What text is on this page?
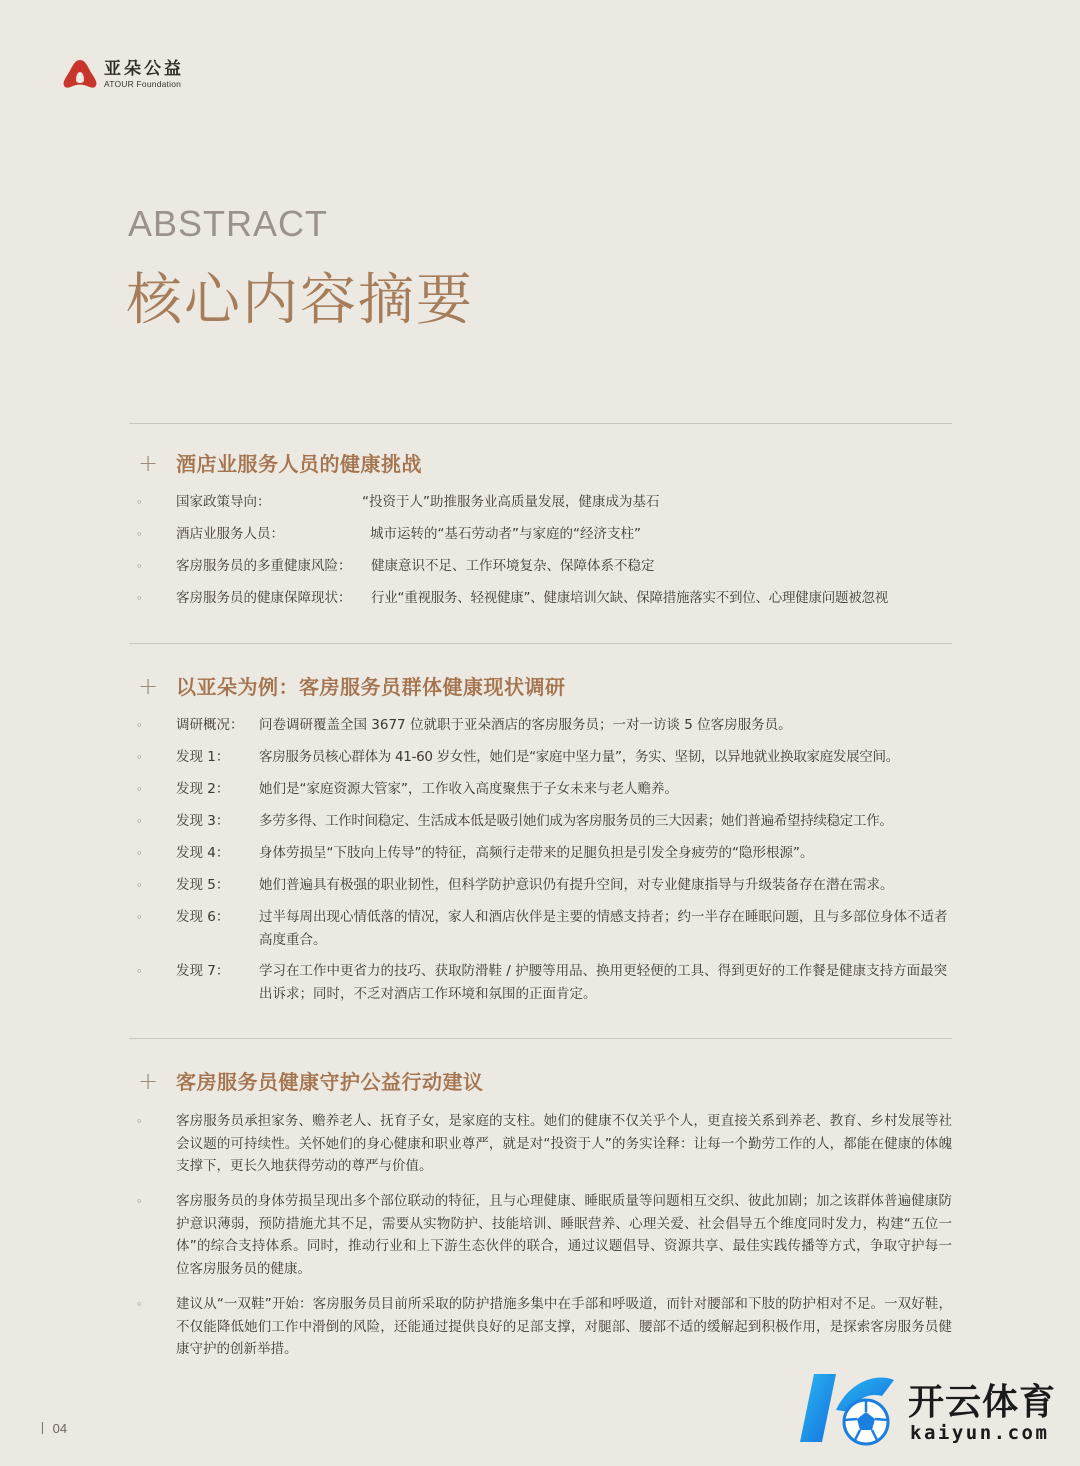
亚朵公益
ATOUR Foundation
ABSTRACT
核心内容摘要
+ 酒店业服务人员的健康挑战
◦ 国家政策导向：	“投资于人”助推服务业高质量发展，健康成为基石
◦ 酒店业服务人员：	城市运转的“基石劳动者”与家庭的“经济支柱”
◦ 客房服务员的多重健康风险： 健康意识不足、工作环境复杂、保障体系不稳定
◦ 客房服务员的健康保障现状： 行业“重视服务、轻视健康”、健康培训欠缺、保障措施落实不到位、心理健康问题被忽视
+ 以亚朵为例：客房服务员群体健康现状调研
◦ 调研概况： 问卷调研覆盖全国 3677 位就职于亚朵酒店的客房服务员；一对一访谈 5 位客房服务员。
◦ 发现 1： 客房服务员核心群体为 41-60 岁女性，她们是“家庭中坚力量”，务实、坚韧，以异地就业换取家庭发展空间。
◦ 发现 2： 她们是“家庭资源大管家”，工作收入高度聚焦于子女未来与老人赡养。
◦ 发现 3： 多劳多得、工作时间稳定、生活成本低是吸引她们成为客房服务员的三大因素；她们普遍希望持续稳定工作。
◦ 发现 4： 身体劳损呈“下肢向上传导”的特征，高频行走带来的足腿负担是引发全身疲劳的“隐形根源”。
◦ 发现 5： 她们普遍具有极强的职业韧性，但科学防护意识仍有提升空间，对专业健康指导与升级装备存在潜在需求。
◦ 发现 6： 过半每周出现心情低落的情况，家人和酒店伙伴是主要的情感支持者；约一半存在睡眠问题，且与多部位身体不适者高度重合。
◦ 发现 7： 学习在工作中更省力的技巧、获取防滑鞋 / 护腰等用品、换用更轻便的工具、得到更好的工作餐是健康支持方面最突出诉求；同时，不乏对酒店工作环境和氛围的正面肯定。
+ 客房服务员健康守护公益行动建议
◦ 客房服务员承担家务、赡养老人、抚育子女，是家庭的支柱。她们的健康不仅关乎个人，更直接关系到养老、教育、乡村发展等社会议题的可持续性。关怀她们的身心健康和职业尊严，就是对“投资于人”的务实诠释：让每一个勤劳工作的人，都能在健康的体魄支撑下，更长久地获得劳动的尊严与价值。
◦ 客房服务员的身体劳损呈现出多个部位联动的特征，且与心理健康、睡眠质量等问题相互交织、彼此加剧；加之该群体普遍健康防护意识薄弱，预防措施尤其不足，需要从实物防护、技能培训、睡眠营养、心理关爱、社会倡导五个维度同时发力，构建“五位一体”的综合支持体系。同时，推动行业和上下游生态伙伴的联合，通过议题倡导、资源共享、最佳实践传播等方式，争取守护每一位客房服务员的健康。
◦ 建议从“一双鞋”开始：客房服务员目前所采取的防护措施多集中在手部和呼吸道，而针对腰部和下肢的防护相对不足。一双好鞋，不仅能降低她们工作中滑倒的风险，还能通过提供良好的足部支撑，对腿部、腰部不适的缓解起到积极作用，是探索客房服务员健康守护的创新举措。
丨 04
开云体育
kaiyun.com
